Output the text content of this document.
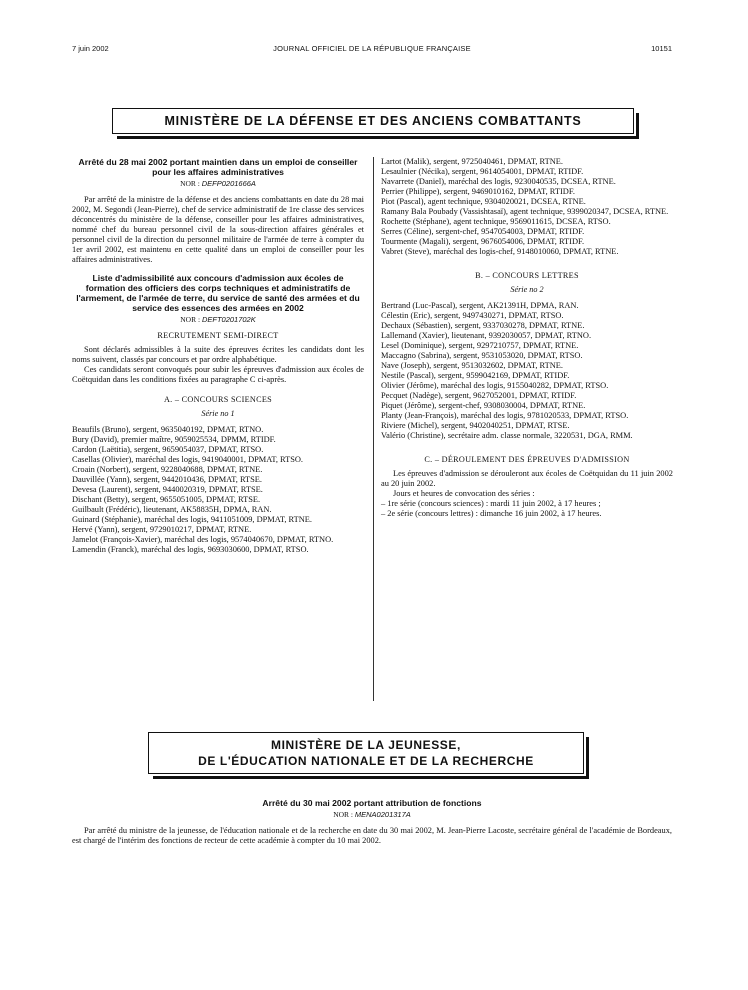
7 juin 2002	JOURNAL OFFICIEL DE LA RÉPUBLIQUE FRANÇAISE	10151
MINISTÈRE DE LA DÉFENSE ET DES ANCIENS COMBATTANTS
Arrêté du 28 mai 2002 portant maintien dans un emploi de conseiller pour les affaires administratives
NOR : DEFP0201666A

Par arrêté de la ministre de la défense et des anciens combattants en date du 28 mai 2002, M. Segondi (Jean-Pierre), chef de service administratif de 1re classe des services déconcentrés du ministère de la défense, conseiller pour les affaires administratives, nommé chef du bureau personnel civil de la sous-direction affaires générales et personnel civil de la direction du personnel militaire de l'armée de terre à compter du 1er avril 2002, est maintenu en cette qualité dans un emploi de conseiller pour les affaires administratives.

Liste d'admissibilité aux concours d'admission aux écoles de formation des officiers des corps techniques et administratifs de l'armement, de l'armée de terre, du service de santé des armées et du service des essences des armées en 2002
NOR : DEFT0201702K
RECRUTEMENT SEMI-DIRECT

Sont déclarés admissibles à la suite des épreuves écrites les candidats dont les noms suivent, classés par concours et par ordre alphabétique.

Ces candidats seront convoqués pour subir les épreuves d'admission aux écoles de Coëtquidan dans les conditions fixées au paragraphe C ci-après.

A. – CONCOURS SCIENCES
Série no 1
Beaufils (Bruno), sergent, 9635040192, DPMAT, RTNO.
Bury (David), premier maître, 9059025534, DPMM, RTIDF.
Cardon (Laëtitia), sergent, 9659054037, DPMAT, RTSO.
Casellas (Olivier), maréchal des logis, 9419040001, DPMAT, RTSO.
Croain (Norbert), sergent, 9228040688, DPMAT, RTNE.
Dauvillée (Yann), sergent, 9442010436, DPMAT, RTSE.
Devesa (Laurent), sergent, 9440020319, DPMAT, RTSE.
Dischant (Betty), sergent, 9655051005, DPMAT, RTSE.
Guilbault (Frédéric), lieutenant, AK58835H, DPMA, RAN.
Guinard (Stéphanie), maréchal des logis, 9411051009, DPMAT, RTNE.
Hervé (Yann), sergent, 9729010217, DPMAT, RTNE.
Jamelot (François-Xavier), maréchal des logis, 9574040670, DPMAT, RTNO.
Lamendin (Franck), maréchal des logis, 9693030600, DPMAT, RTSO.
Lartot (Malik), sergent, 9725040461, DPMAT, RTNE.
Lesaulnier (Nécika), sergent, 9614054001, DPMAT, RTIDF.
Navarrete (Daniel), maréchal des logis, 9230040535, DCSEA, RTNE.
Perrier (Philippe), sergent, 9469010162, DPMAT, RTIDF.
Piot (Pascal), agent technique, 9304020021, DCSEA, RTNE.
Ramany Bala Poubady (Vassishtasaï), agent technique, 9399020347, DCSEA, RTNE.
Rochette (Stéphane), agent technique, 9569011615, DCSEA, RTSO.
Serres (Céline), sergent-chef, 9547054003, DPMAT, RTIDF.
Tourmente (Magali), sergent, 9676054006, DPMAT, RTIDF.
Vabret (Steve), maréchal des logis-chef, 9148010060, DPMAT, RTNE.
B. – CONCOURS LETTRES
Série no 2
Bertrand (Luc-Pascal), sergent, AK21391H, DPMA, RAN.
Célestin (Eric), sergent, 9497430271, DPMAT, RTSO.
Dechaux (Sébastien), sergent, 9337030278, DPMAT, RTNE.
Lallemand (Xavier), lieutenant, 9392030057, DPMAT, RTNO.
Lesel (Dominique), sergent, 9297210757, DPMAT, RTNE.
Maccagno (Sabrina), sergent, 9531053020, DPMAT, RTSO.
Nave (Joseph), sergent, 9513032602, DPMAT, RTNE.
Nestile (Pascal), sergent, 9599042169, DPMAT, RTIDF.
Olivier (Jérôme), maréchal des logis, 9155040282, DPMAT, RTSO.
Pecquet (Nadège), sergent, 9627052001, DPMAT, RTIDF.
Piquet (Jérôme), sergent-chef, 9308030004, DPMAT, RTNE.
Planty (Jean-François), maréchal des logis, 9781020533, DPMAT, RTSO.
Riviere (Michel), sergent, 9402040251, DPMAT, RTSE.
Valério (Christine), secrétaire adm. classe normale, 3220531, DGA, RMM.
C. – DÉROULEMENT DES ÉPREUVES D'ADMISSION

Les épreuves d'admission se dérouleront aux écoles de Coëtquidan du 11 juin 2002 au 20 juin 2002.

Jours et heures de convocation des séries :

– 1re série (concours sciences) : mardi 11 juin 2002, à 17 heures ;
– 2e série (concours lettres) : dimanche 16 juin 2002, à 17 heures.
MINISTÈRE DE LA JEUNESSE,
DE L'ÉDUCATION NATIONALE ET DE LA RECHERCHE
Arrêté du 30 mai 2002 portant attribution de fonctions
NOR : MENA0201317A

Par arrêté du ministre de la jeunesse, de l'éducation nationale et de la recherche en date du 30 mai 2002, M. Jean-Pierre Lacoste, secrétaire général de l'académie de Bordeaux, est chargé de l'intérim des fonctions de recteur de cette académie à compter du 10 mai 2002.
